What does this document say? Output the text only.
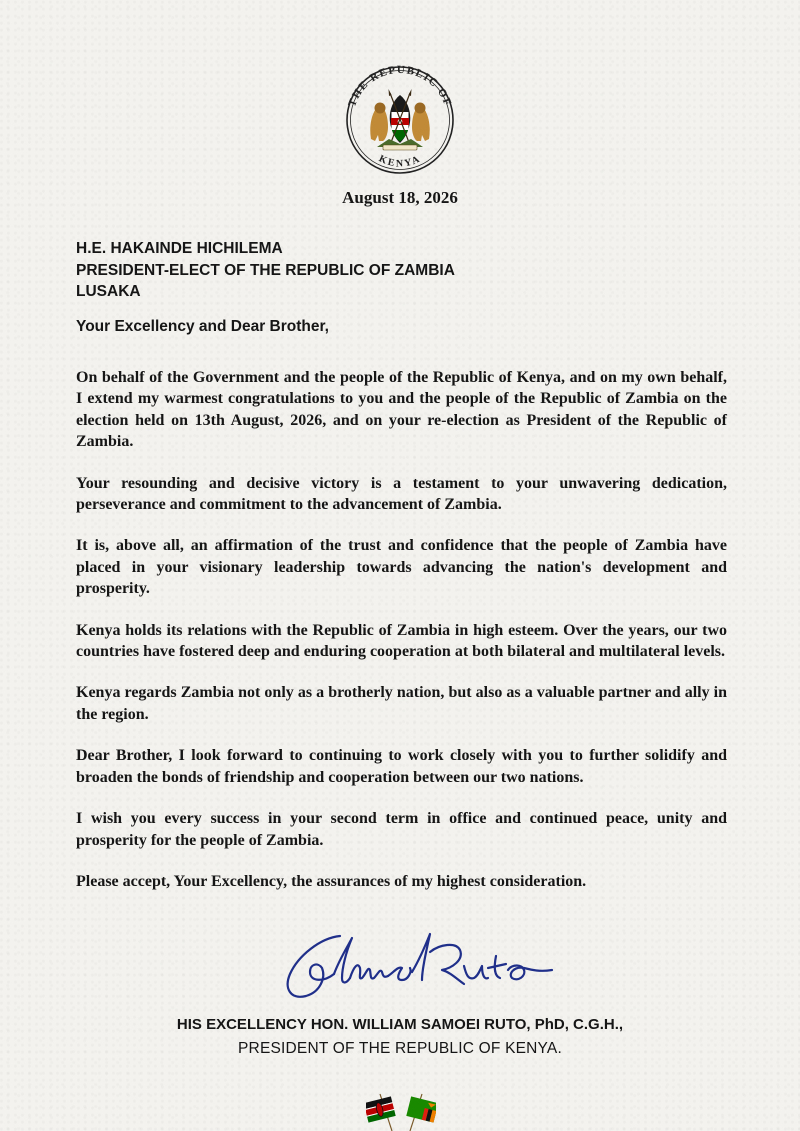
THE REPUBLIC OF
KENYA
August 18, 2026
H.E. HAKAINDE HICHILEMA
PRESIDENT-ELECT OF THE REPUBLIC OF ZAMBIA
LUSAKA
Your Excellency and Dear Brother,

On behalf of the Government and the people of the Republic of Kenya, and on my own behalf, I extend my warmest congratulations to you and the people of the Republic of Zambia on the election held on 13th August, 2026, and on your re-election as President of the Republic of Zambia.

Your resounding and decisive victory is a testament to your unwavering dedication, perseverance and commitment to the advancement of Zambia.

It is, above all, an affirmation of the trust and confidence that the people of Zambia have placed in your visionary leadership towards advancing the nation's development and prosperity.

Kenya holds its relations with the Republic of Zambia in high esteem. Over the years, our two countries have fostered deep and enduring cooperation at both bilateral and multilateral levels.

Kenya regards Zambia not only as a brotherly nation, but also as a valuable partner and ally in the region.

Dear Brother, I look forward to continuing to work closely with you to further solidify and broaden the bonds of friendship and cooperation between our two nations.

I wish you every success in your second term in office and continued peace, unity and prosperity for the people of Zambia.

Please accept, Your Excellency, the assurances of my highest consideration.

HIS EXCELLENCY HON. WILLIAM SAMOEI RUTO, PhD, C.G.H.,
PRESIDENT OF THE REPUBLIC OF KENYA.
